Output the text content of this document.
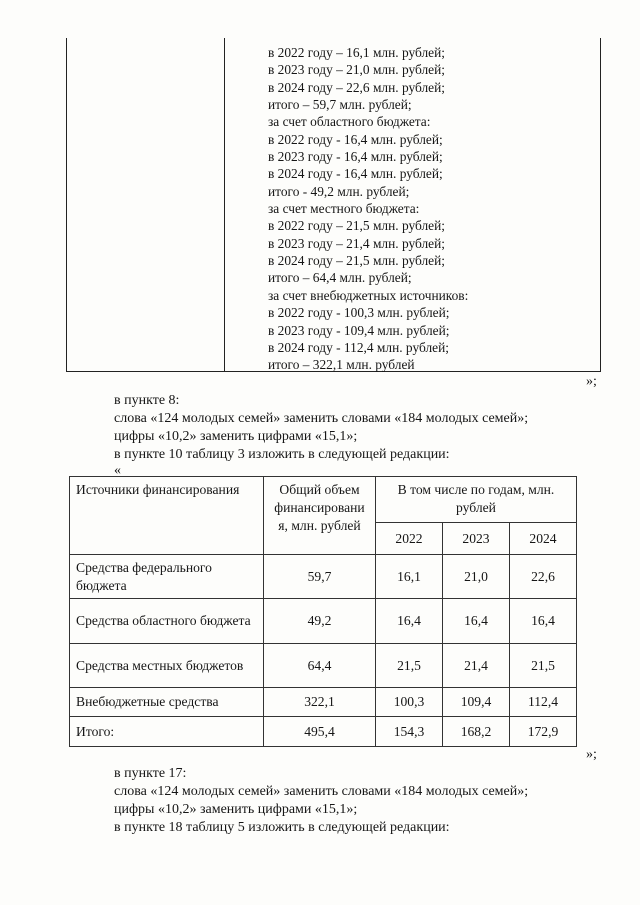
в 2022 году – 16,1 млн. рублей;
в 2023 году – 21,0 млн. рублей;
в 2024 году – 22,6 млн. рублей;
итого – 59,7 млн. рублей;
за счет областного бюджета:
в 2022 году - 16,4 млн. рублей;
в 2023 году - 16,4 млн. рублей;
в 2024 году - 16,4 млн. рублей;
итого - 49,2 млн. рублей;
за счет местного бюджета:
в 2022 году – 21,5 млн. рублей;
в 2023 году – 21,4 млн. рублей;
в 2024 году – 21,5 млн. рублей;
итого – 64,4 млн. рублей;
за счет внебюджетных источников:
в 2022 году - 100,3 млн. рублей;
в 2023 году - 109,4 млн. рублей;
в 2024 году - 112,4 млн. рублей;
итого – 322,1 млн. рублей
»;
в пункте 8:
слова «124 молодых семей» заменить словами «184 молодых семей»;
цифры «10,2» заменить цифрами «15,1»;
в пункте 10 таблицу 3 изложить в следующей редакции:
«
Источники финансирования	Общий объем финансировани я, млн. рублей	В том числе по годам, млн. рублей		
		2022	2023	2024
Средства федерального бюджета	59,7	16,1	21,0	22,6
Средства областного бюджета	49,2	16,4	16,4	16,4
Средства местных бюджетов	64,4	21,5	21,4	21,5
Внебюджетные средства	322,1	100,3	109,4	112,4
Итого:	495,4	154,3	168,2	172,9
»;
в пункте 17:
слова «124 молодых семей» заменить словами «184 молодых семей»;
цифры «10,2» заменить цифрами «15,1»;
в пункте 18 таблицу 5 изложить в следующей редакции:
